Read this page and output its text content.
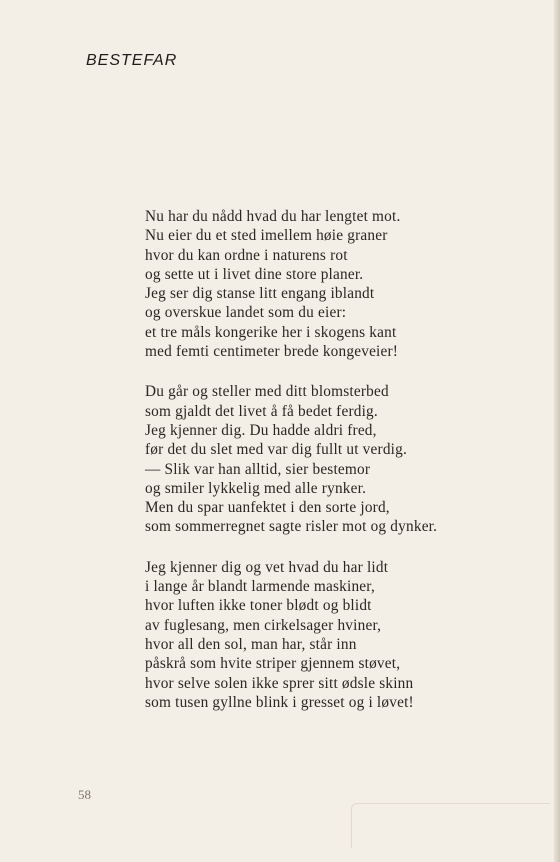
BESTEFAR
Nu har du nådd hvad du har lengtet mot.
Nu eier du et sted imellem høie graner
hvor du kan ordne i naturens rot
og sette ut i livet dine store planer.
Jeg ser dig stanse litt engang iblandt
og overskue landet som du eier:
et tre måls kongerike her i skogens kant
med femti centimeter brede kongeveier!
Du går og steller med ditt blomsterbed
som gjaldt det livet å få bedet ferdig.
Jeg kjenner dig. Du hadde aldri fred,
før det du slet med var dig fullt ut verdig.
— Slik var han alltid, sier bestemor
og smiler lykkelig med alle rynker.
Men du spar uanfektet i den sorte jord,
som sommerregnet sagte risler mot og dynker.
Jeg kjenner dig og vet hvad du har lidt
i lange år blandt larmende maskiner,
hvor luften ikke toner blødt og blidt
av fuglesang, men cirkelsager hviner,
hvor all den sol, man har, står inn
påskrå som hvite striper gjennem støvet,
hvor selve solen ikke sprer sitt ødsle skinn
som tusen gyllne blink i gresset og i løvet!
58
